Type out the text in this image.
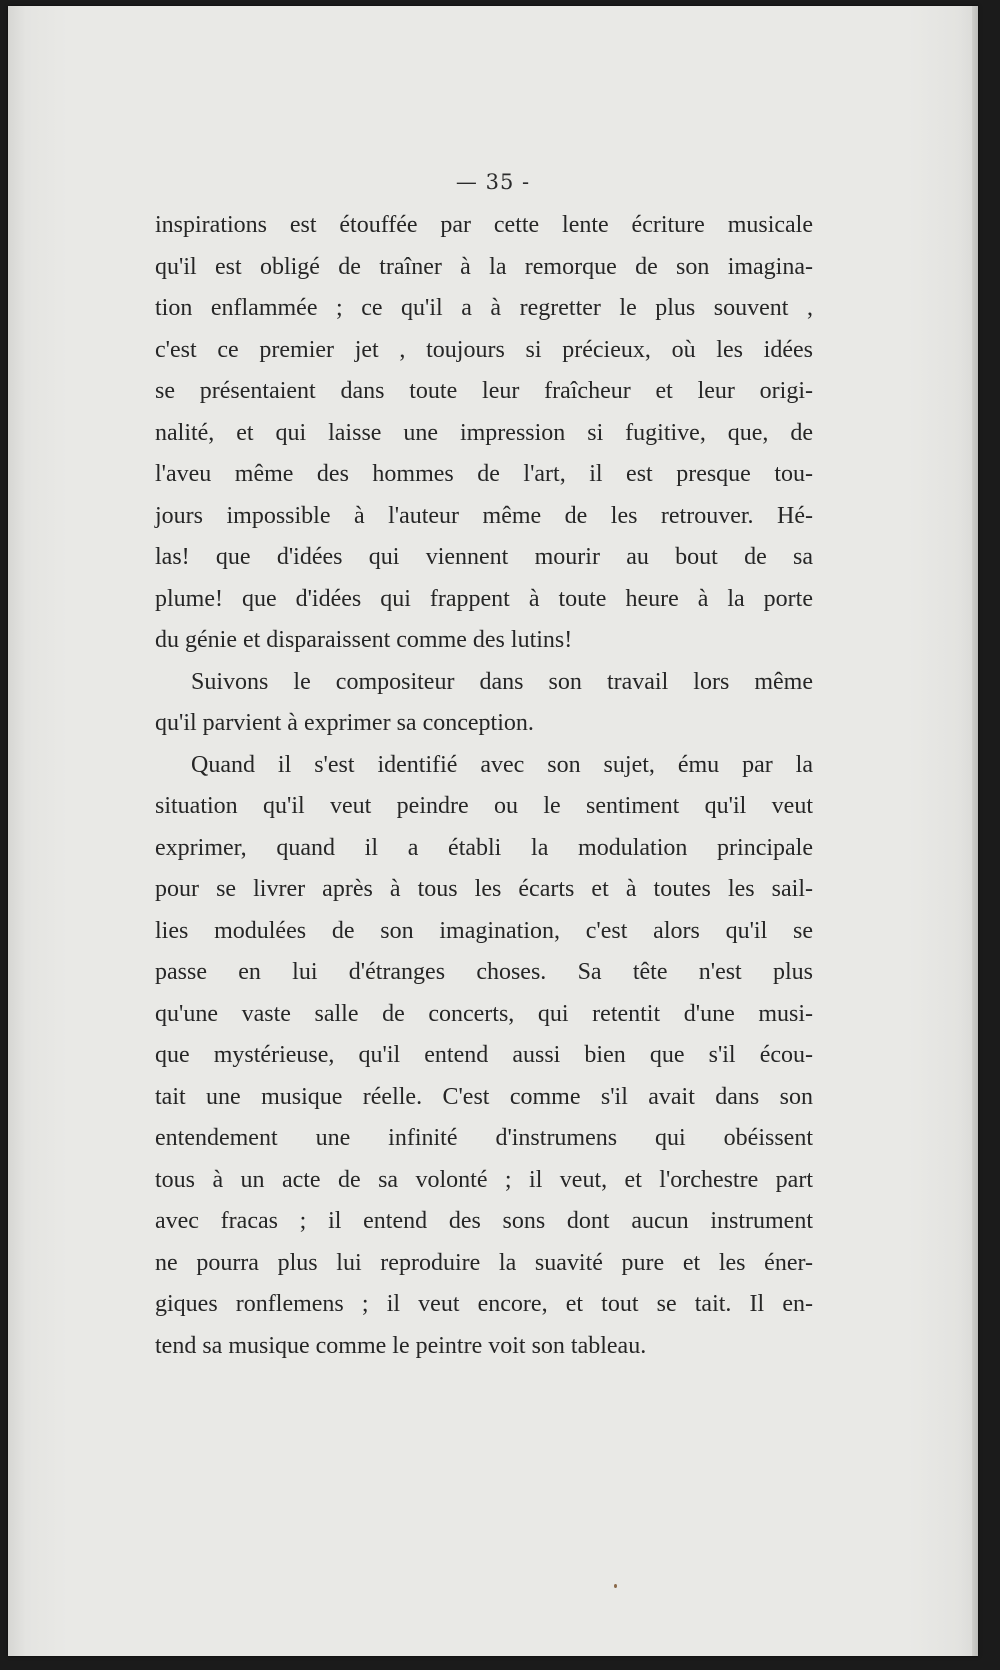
— 35 -
inspirations est étouffée par cette lente écriture musicale
qu'il est obligé de traîner à la remorque de son imagina-
tion enflammée ; ce qu'il a à regretter le plus souvent ,
c'est ce premier jet , toujours si précieux, où les idées
se présentaient dans toute leur fraîcheur et leur origi-
nalité, et qui laisse une impression si fugitive, que, de
l'aveu même des hommes de l'art, il est presque tou-
jours impossible à l'auteur même de les retrouver. Hé-
las! que d'idées qui viennent mourir au bout de sa
plume! que d'idées qui frappent à toute heure à la porte
du génie et disparaissent comme des lutins!
Suivons le compositeur dans son travail lors même
qu'il parvient à exprimer sa conception.
Quand il s'est identifié avec son sujet, ému par la
situation qu'il veut peindre ou le sentiment qu'il veut
exprimer, quand il a établi la modulation principale
pour se livrer après à tous les écarts et à toutes les sail-
lies modulées de son imagination, c'est alors qu'il se
passe en lui d'étranges choses. Sa tête n'est plus
qu'une vaste salle de concerts, qui retentit d'une musi-
que mystérieuse, qu'il entend aussi bien que s'il écou-
tait une musique réelle. C'est comme s'il avait dans son
entendement une infinité d'instrumens qui obéissent
tous à un acte de sa volonté ; il veut, et l'orchestre part
avec fracas ; il entend des sons dont aucun instrument
ne pourra plus lui reproduire la suavité pure et les éner-
giques ronflemens ; il veut encore, et tout se tait. Il en-
tend sa musique comme le peintre voit son tableau.
